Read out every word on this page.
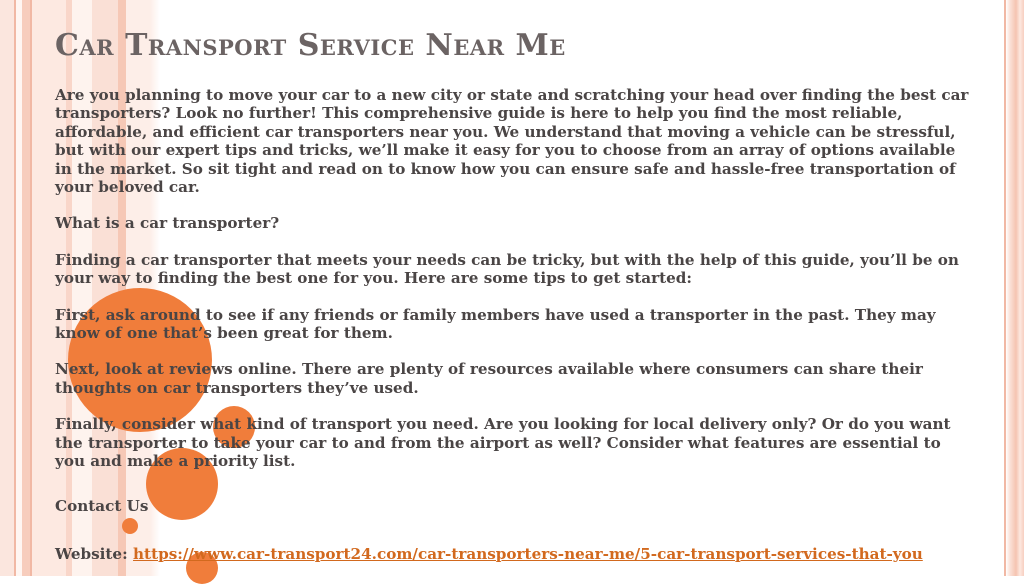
Car Transport Service Near Me

Are you planning to move your car to a new city or state and scratching your head over finding the best car transporters? Look no further! This comprehensive guide is here to help you find the most reliable, affordable, and efficient car transporters near you. We understand that moving a vehicle can be stressful, but with our expert tips and tricks, we’ll make it easy for you to choose from an array of options available in the market. So sit tight and read on to know how you can ensure safe and hassle-free transportation of your beloved car.

What is a car transporter?

Finding a car transporter that meets your needs can be tricky, but with the help of this guide, you’ll be on your way to finding the best one for you. Here are some tips to get started:

First, ask around to see if any friends or family members have used a transporter in the past. They may know of one that’s been great for them.

Next, look at reviews online. There are plenty of resources available where consumers can share their thoughts on car transporters they’ve used.

Finally, consider what kind of transport you need. Are you looking for local delivery only? Or do you want the transporter to take your car to and from the airport as well? Consider what features are essential to you and make a priority list.

Contact Us

Website: https://www.car-transport24.com/car-transporters-near-me/5-car-transport-services-that-you
